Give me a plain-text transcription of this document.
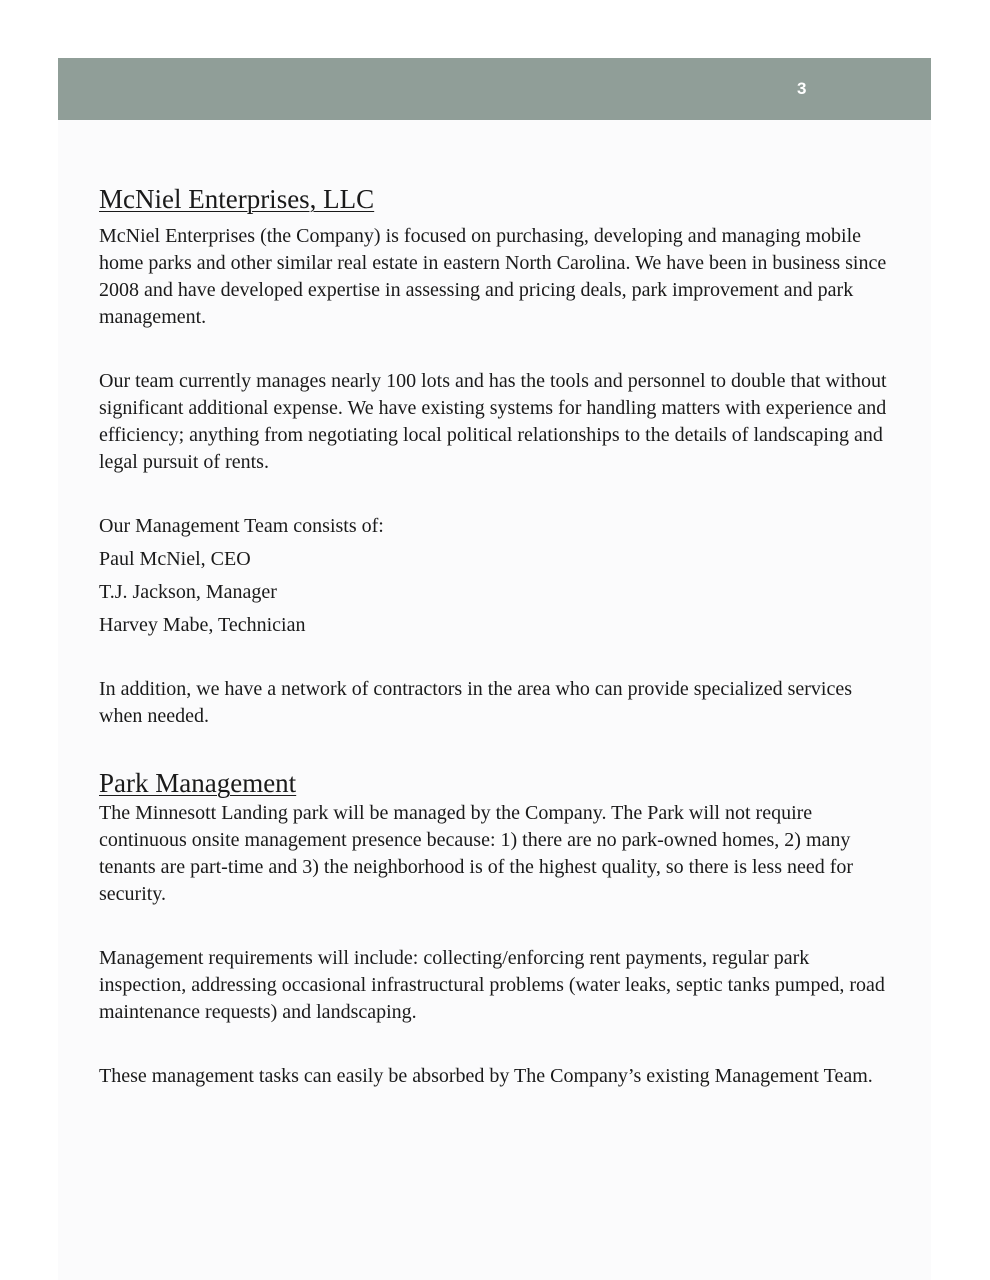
3
McNiel Enterprises, LLC

McNiel Enterprises (the Company) is focused on purchasing, developing and managing mobile home parks and other similar real estate in eastern North Carolina. We have been in business since 2008 and have developed expertise in assessing and pricing deals, park improvement and park management.

Our team currently manages nearly 100 lots and has the tools and personnel to double that without significant additional expense. We have existing systems for handling matters with experience and efficiency; anything from negotiating local political relationships to the details of landscaping and legal pursuit of rents.

Our Management Team consists of:

Paul McNiel, CEO

T.J. Jackson, Manager

Harvey Mabe, Technician

In addition, we have a network of contractors in the area who can provide specialized services when needed.

Park Management

The Minnesott Landing park will be managed by the Company. The Park will not require continuous onsite management presence because: 1) there are no park-owned homes, 2) many tenants are part-time and 3) the neighborhood is of the highest quality, so there is less need for security.

Management requirements will include: collecting/enforcing rent payments, regular park inspection, addressing occasional infrastructural problems (water leaks, septic tanks pumped, road maintenance requests) and landscaping.

These management tasks can easily be absorbed by The Company’s existing Management Team.
